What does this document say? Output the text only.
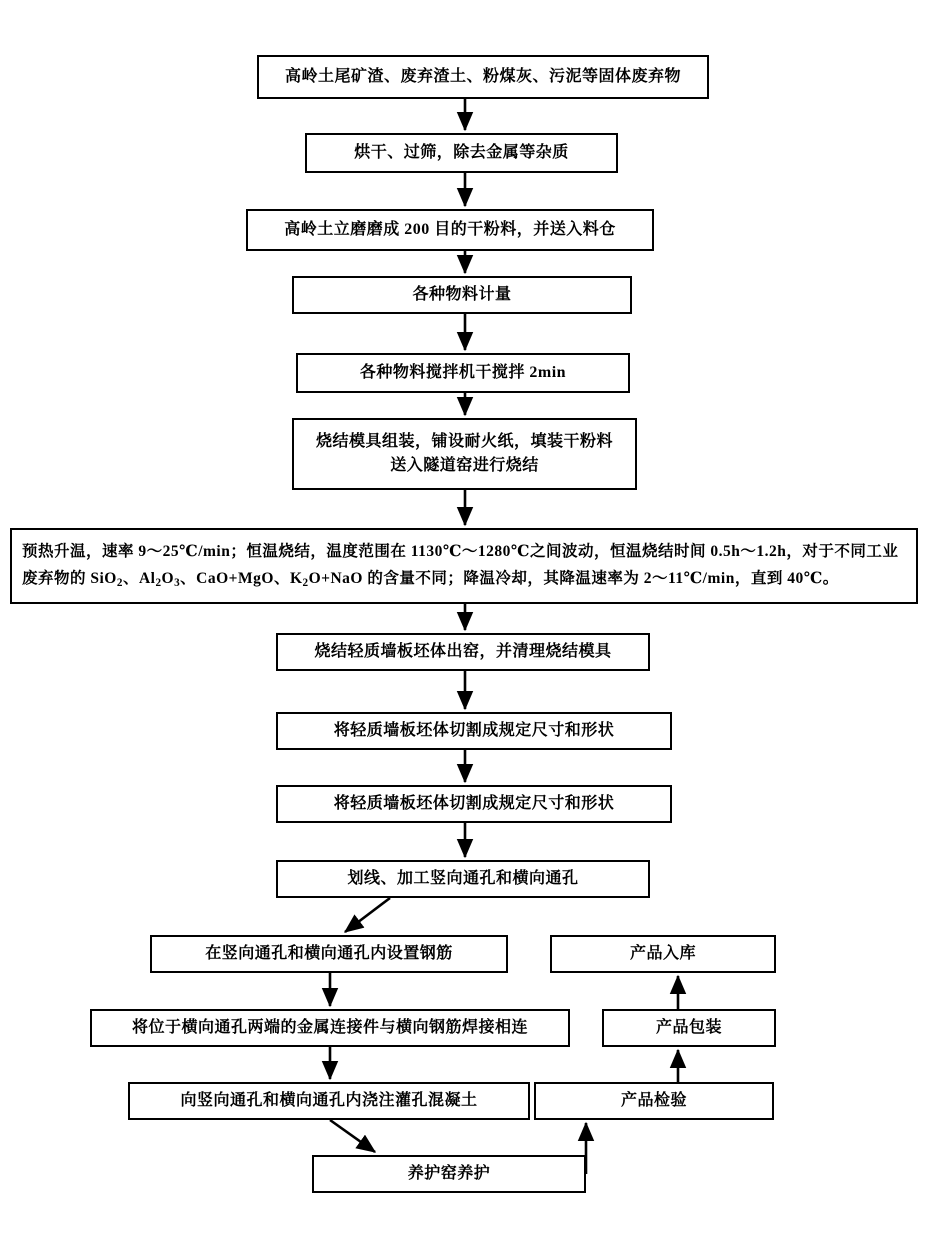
高岭土尾矿渣、废弃渣土、粉煤灰、污泥等固体废弃物
烘干、过筛，除去金属等杂质
高岭土立磨磨成 200 目的干粉料，并送入料仓
各种物料计量
各种物料搅拌机干搅拌 2min
烧结模具组装，铺设耐火纸，填装干粉料
送入隧道窑进行烧结
预热升温，速率 9～25℃/min；恒温烧结，温度范围在 1130℃～1280℃之间波动，恒温烧结时间 0.5h～1.2h，对于不同工业废弃物的 SiO$_2$、$Al_2O_3$、CaO+MgO、$K_2O+NaO$ 的含量不同；降温冷却，其降温速率为 2～11℃/min，直到 40℃。
烧结轻质墙板坯体出窑，并清理烧结模具
将轻质墙板坯体切割成规定尺寸和形状
将轻质墙板坯体切割成规定尺寸和形状
划线、加工竖向通孔和横向通孔
在竖向通孔和横向通孔内设置钢筋
将位于横向通孔两端的金属连接件与横向钢筋焊接相连
向竖向通孔和横向通孔内浇注灌孔混凝土
养护窑养护
产品检验
产品包装
产品入库
